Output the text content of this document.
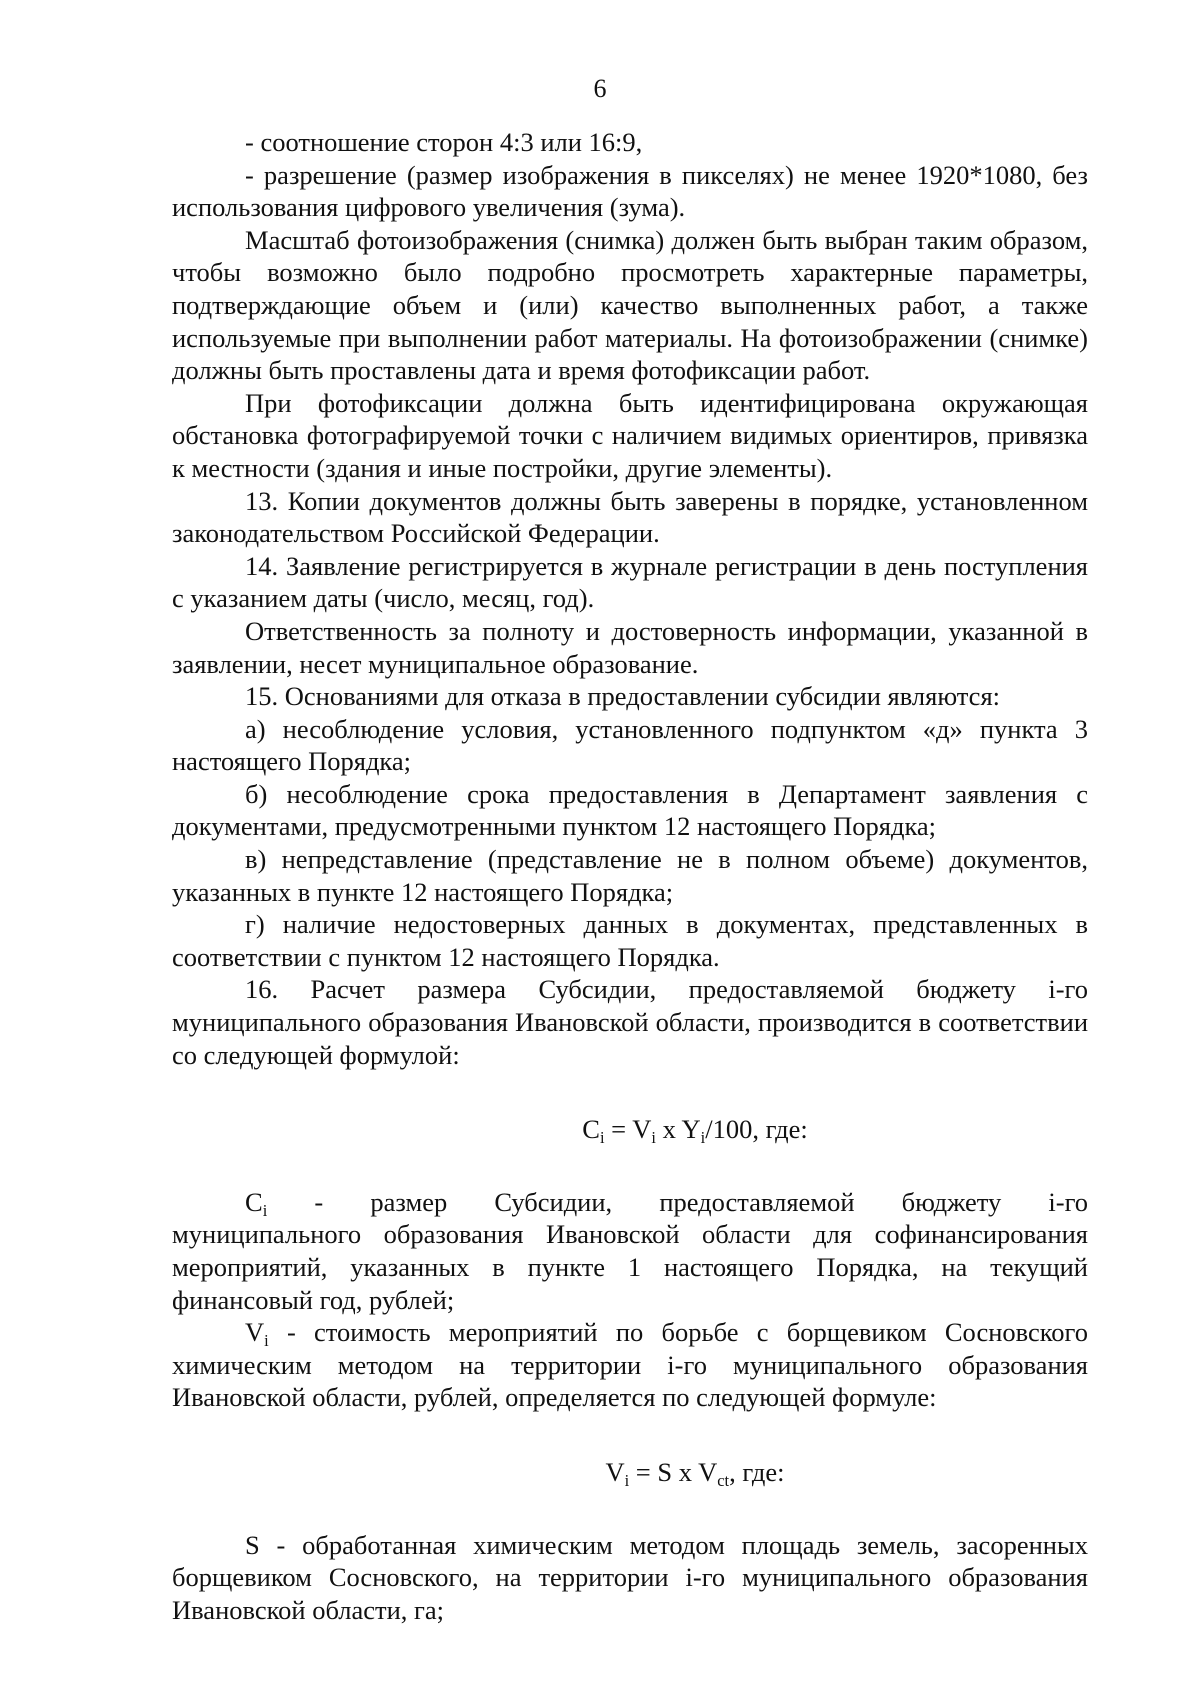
6

- соотношение сторон 4:3 или 16:9,

- разрешение (размер изображения в пикселях) не менее 1920*1080, без использования цифрового увеличения (зума).

Масштаб фотоизображения (снимка) должен быть выбран таким образом, чтобы возможно было подробно просмотреть характерные параметры, подтверждающие объем и (или) качество выполненных работ, а также используемые при выполнении работ материалы. На фотоизображении (снимке) должны быть проставлены дата и время фотофиксации работ.

При фотофиксации должна быть идентифицирована окружающая обстановка фотографируемой точки с наличием видимых ориентиров, привязка к местности (здания и иные постройки, другие элементы).

13. Копии документов должны быть заверены в порядке, установленном законодательством Российской Федерации.

14. Заявление регистрируется в журнале регистрации в день поступления с указанием даты (число, месяц, год).

Ответственность за полноту и достоверность информации, указанной в заявлении, несет муниципальное образование.

15. Основаниями для отказа в предоставлении субсидии являются:

а) несоблюдение условия, установленного подпунктом «д» пункта 3 настоящего Порядка;

б) несоблюдение срока предоставления в Департамент заявления с документами, предусмотренными пунктом 12 настоящего Порядка;

в) непредставление (представление не в полном объеме) документов, указанных в пункте 12 настоящего Порядка;

г) наличие недостоверных данных в документах, представленных в соответствии с пунктом 12 настоящего Порядка.

16. Расчет размера Субсидии, предоставляемой бюджету i-го муниципального образования Ивановской области, производится в соответствии со следующей формулой:

$C_i = V_i$ x $Y_i/100$, где:
$C_i$ - размер Субсидии, предоставляемой бюджету i-го
муниципального образования Ивановской области для софинансирования мероприятий, указанных в пункте 1 настоящего Порядка, на текущий финансовый год, рублей;

$V_i$ - стоимость мероприятий по борьбе с борщевиком Сосновского химическим методом на территории i-го муниципального образования Ивановской области, рублей, определяется по следующей формуле:

$V_i = S$ x $V_{ct}$, где:

S - обработанная химическим методом площадь земель, засоренных борщевиком Сосновского, на территории i-го муниципального образования Ивановской области, га;
